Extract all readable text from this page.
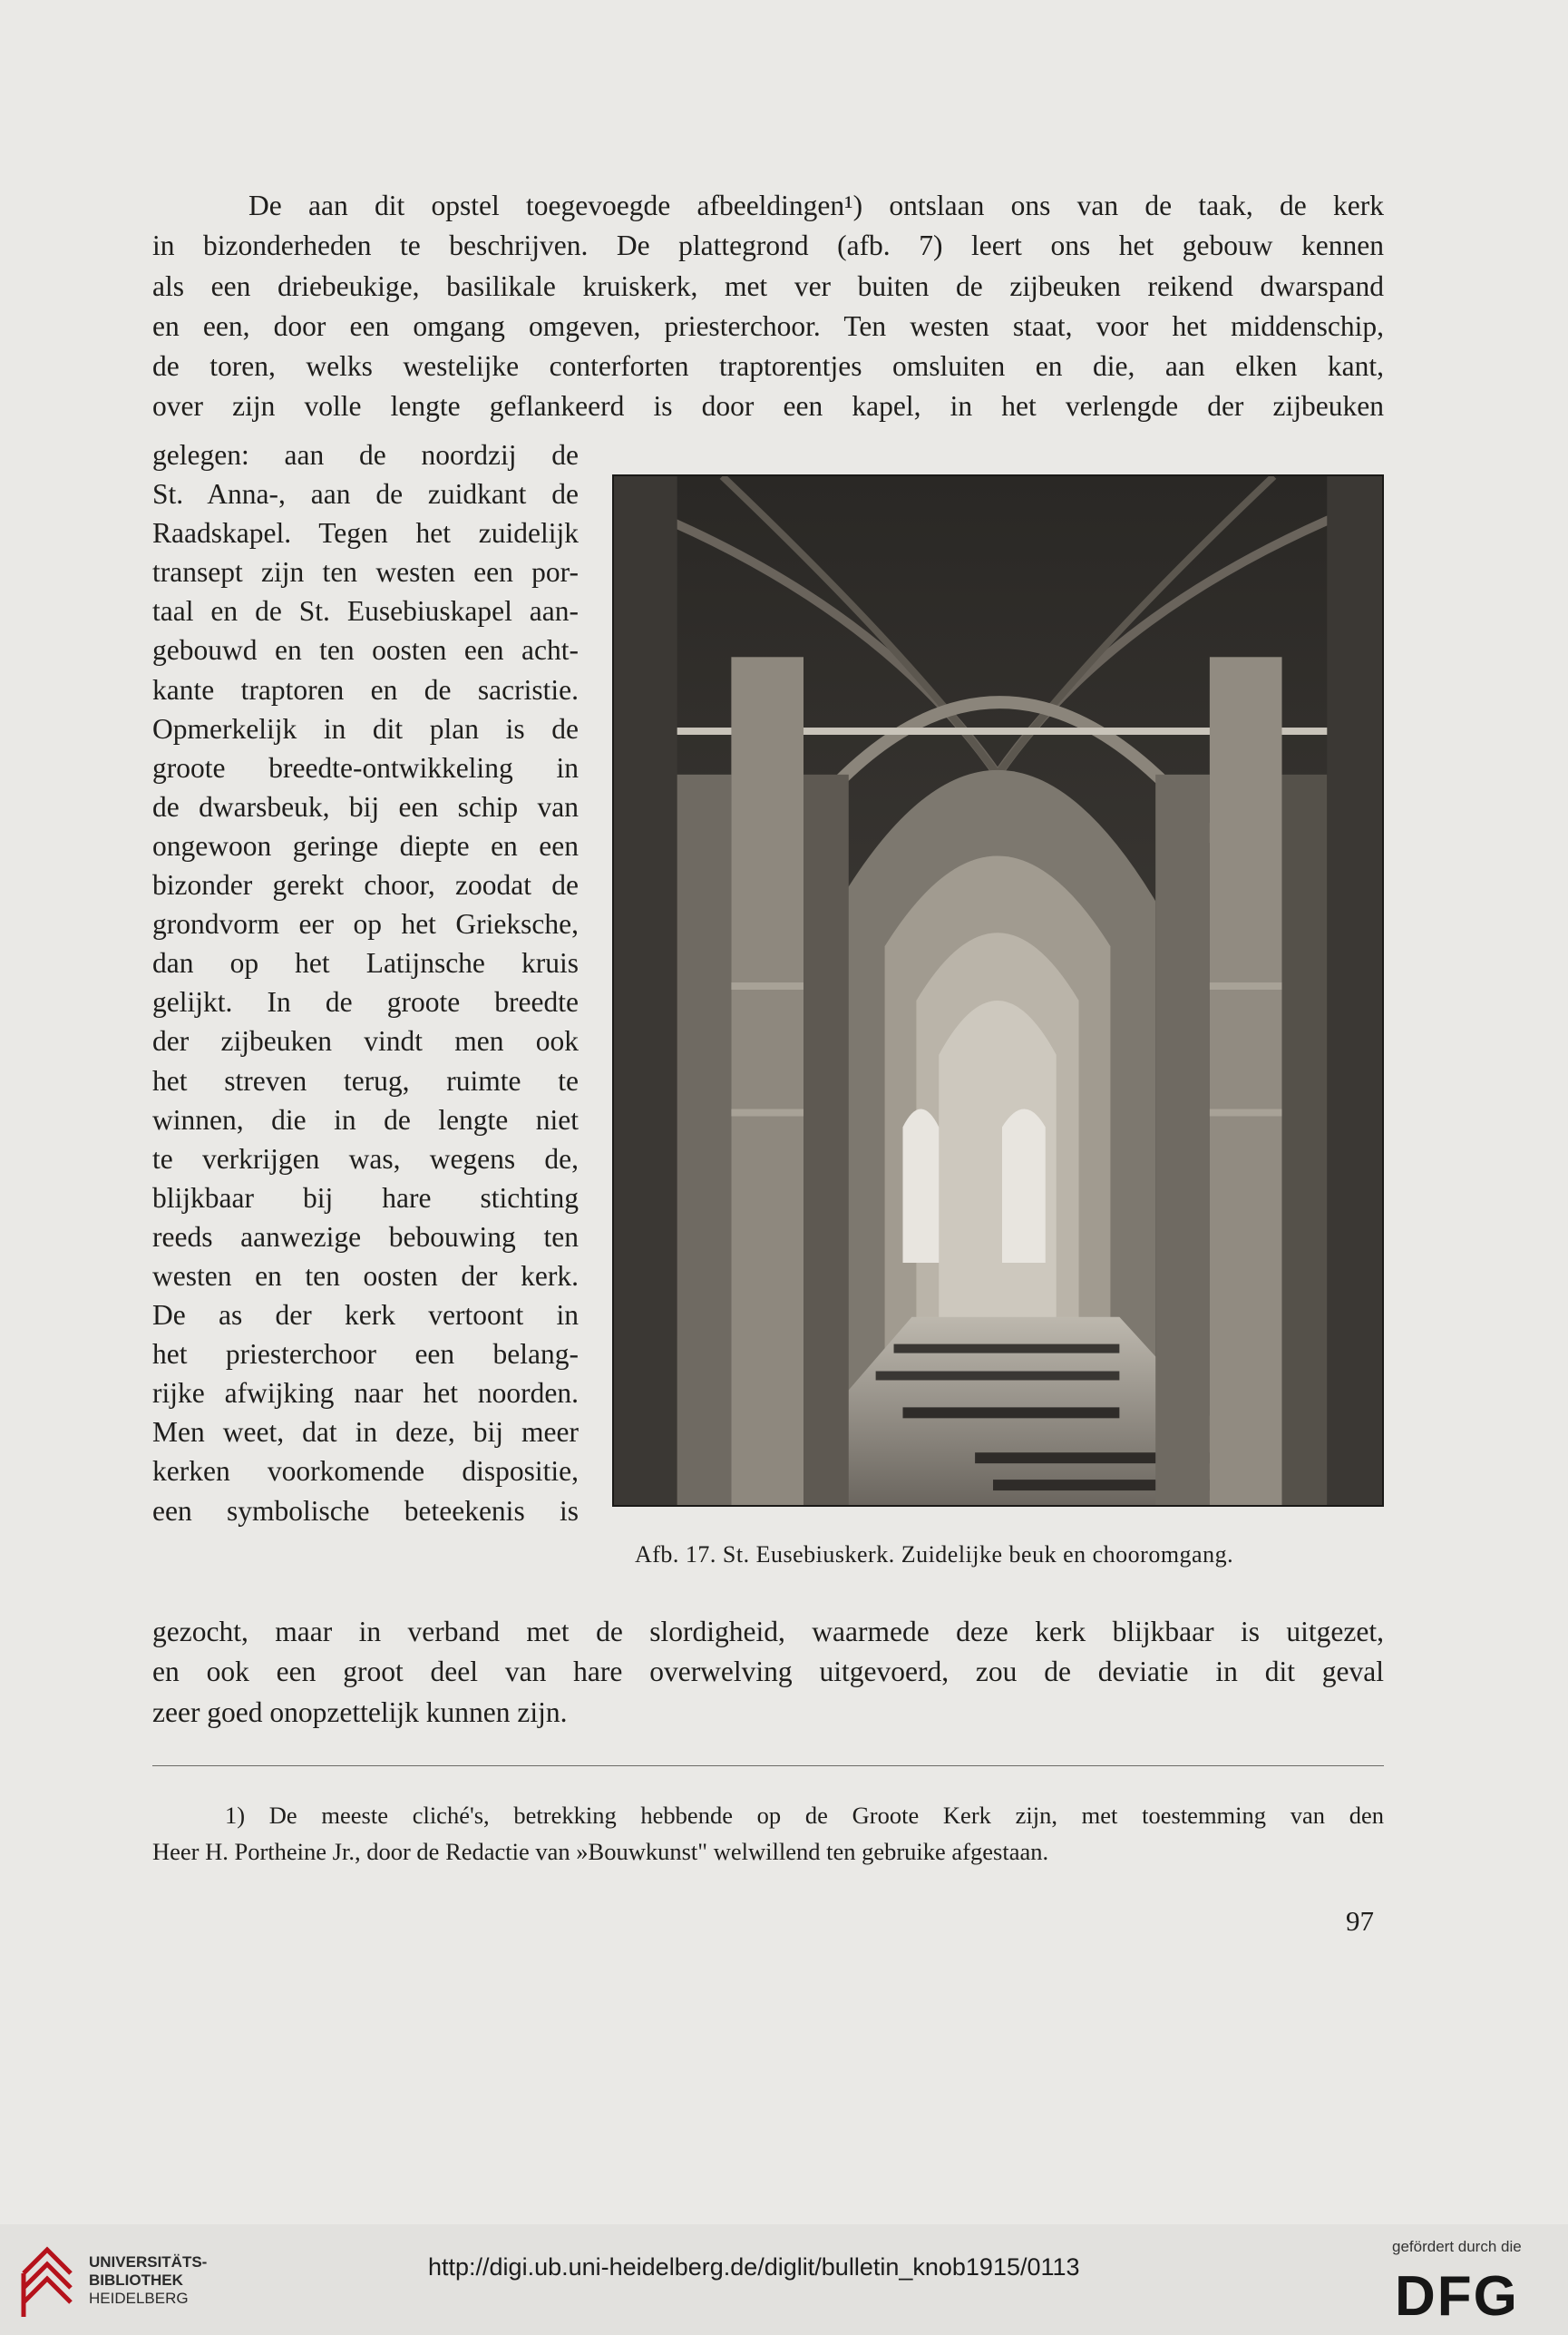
De aan dit opstel toegevoegde afbeeldingen¹) ontslaan ons van de taak, de kerk
in bizonderheden te beschrijven. De plattegrond (afb. 7) leert ons het gebouw kennen
als een driebeukige, basilikale kruiskerk, met ver buiten de zijbeuken reikend dwarspand
en een, door een omgang omgeven, priesterchoor. Ten westen staat, voor het middenschip,
de toren, welks westelijke conterforten traptorentjes omsluiten en die, aan elken kant,
over zijn volle lengte geflankeerd is door een kapel, in het verlengde der zijbeuken
gelegen: aan de noordzij de
St. Anna-, aan de zuidkant de
Raadskapel. Tegen het zuidelijk
transept zijn ten westen een por-
taal en de St. Eusebiuskapel aan-
gebouwd en ten oosten een acht-
kante traptoren en de sacristie.
Opmerkelijk in dit plan is de
groote breedte-ontwikkeling in
de dwarsbeuk, bij een schip van
ongewoon geringe diepte en een
bizonder gerekt choor, zoodat de
grondvorm eer op het Grieksche,
dan op het Latijnsche kruis
gelijkt. In de groote breedte
der zijbeuken vindt men ook
het streven terug, ruimte te
winnen, die in de lengte niet
te verkrijgen was, wegens de,
blijkbaar bij hare stichting
reeds aanwezige bebouwing ten
westen en ten oosten der kerk.
De as der kerk vertoont in
het priesterchoor een belang-
rijke afwijking naar het noorden.
Men weet, dat in deze, bij meer
kerken voorkomende dispositie,
een symbolische beteekenis is
Afb. 17. St. Eusebiuskerk. Zuidelijke beuk en chooromgang.
gezocht, maar in verband met de slordigheid, waarmede deze kerk blijkbaar is uitgezet,
en ook een groot deel van hare overwelving uitgevoerd, zou de deviatie in dit geval
zeer goed onopzettelijk kunnen zijn.
1) De meeste cliché's, betrekking hebbende op de Groote Kerk zijn, met toestemming van den
Heer H. Portheine Jr., door de Redactie van »Bouwkunst" welwillend ten gebruike afgestaan.
97
UNIVERSITÄTS-
BIBLIOTHEK
HEIDELBERG
http://digi.ub.uni-heidelberg.de/diglit/bulletin_knob1915/0113
gefördert durch die
DFG
